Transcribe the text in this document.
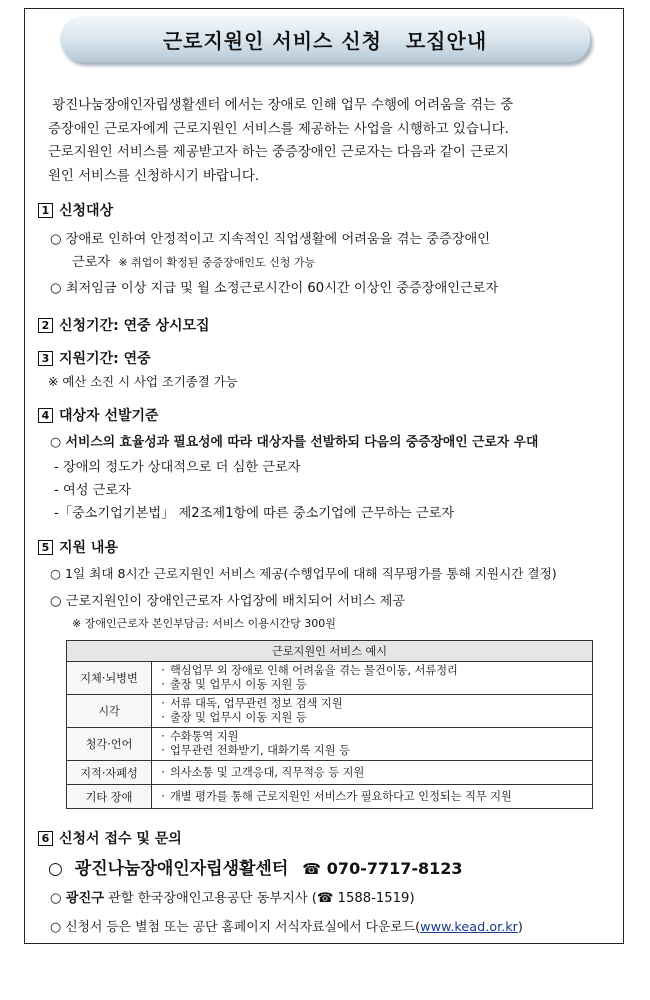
근로지원인 서비스 신청   모집안내
광진나눔장애인자립생활센터 에서는 장애로 인해 업무 수행에 어려움을 겪는 중
증장애인 근로자에게 근로지원인 서비스를 제공하는 사업을 시행하고 있습니다.
근로지원인 서비스를 제공받고자 하는 중증장애인 근로자는 다음과 같이 근로지
원인 서비스를 신청하시기 바랍니다.
1 신청대상
○ 장애로 인하여 안정적이고 지속적인 직업생활에 어려움을 겪는 중증장애인
근로자 ※ 취업이 확정된 중증장애인도 신청 가능
○ 최저임금 이상 지급 및 월 소정근로시간이 60시간 이상인 중증장애인근로자
2 신청기간: 연중 상시모집
3 지원기간: 연중
※ 예산 소진 시 사업 조기종결 가능
4 대상자 선발기준
○ 서비스의 효율성과 필요성에 따라 대상자를 선발하되 다음의 중증장애인 근로자 우대
- 장애의 정도가 상대적으로 더 심한 근로자
- 여성 근로자
-「중소기업기본법」 제2조제1항에 따른 중소기업에 근무하는 근로자
5 지원 내용
○ 1일 최대 8시간 근로지원인 서비스 제공(수행업무에 대해 직무평가를 통해 지원시간 결정)
○ 근로지원인이 장애인근로자 사업장에 배치되어 서비스 제공
※ 장애인근로자 본인부담금: 서비스 이용시간당 300원
근로지원인 서비스 예시	
지체·뇌병변	· 핵심업무 외 장애로 인해 어려움을 겪는 물건이동, 서류정리
· 출장 및 업무시 이동 지원 등

시각	· 서류 대독, 업무관련 정보 검색 지원
· 출장 및 업무시 이동 지원 등

청각·언어	· 수화통역 지원
· 업무관련 전화받기, 대화기록 지원 등

지적·자폐성	· 의사소통 및 고객응대, 직무적응 등 지원

기타 장애	· 개별 평가를 통해 근로지원인 서비스가 필요하다고 인정되는 직무 지원
6 신청서 접수 및 문의
○ 광진나눔장애인자립생활센터 ☎ 070-7717-8123
○ 광진구 관할 한국장애인고용공단 동부지사 (☎ 1588-1519)
○ 신청서 등은 별첨 또는 공단 홈페이지 서식자료실에서 다운로드(www.kead.or.kr)
